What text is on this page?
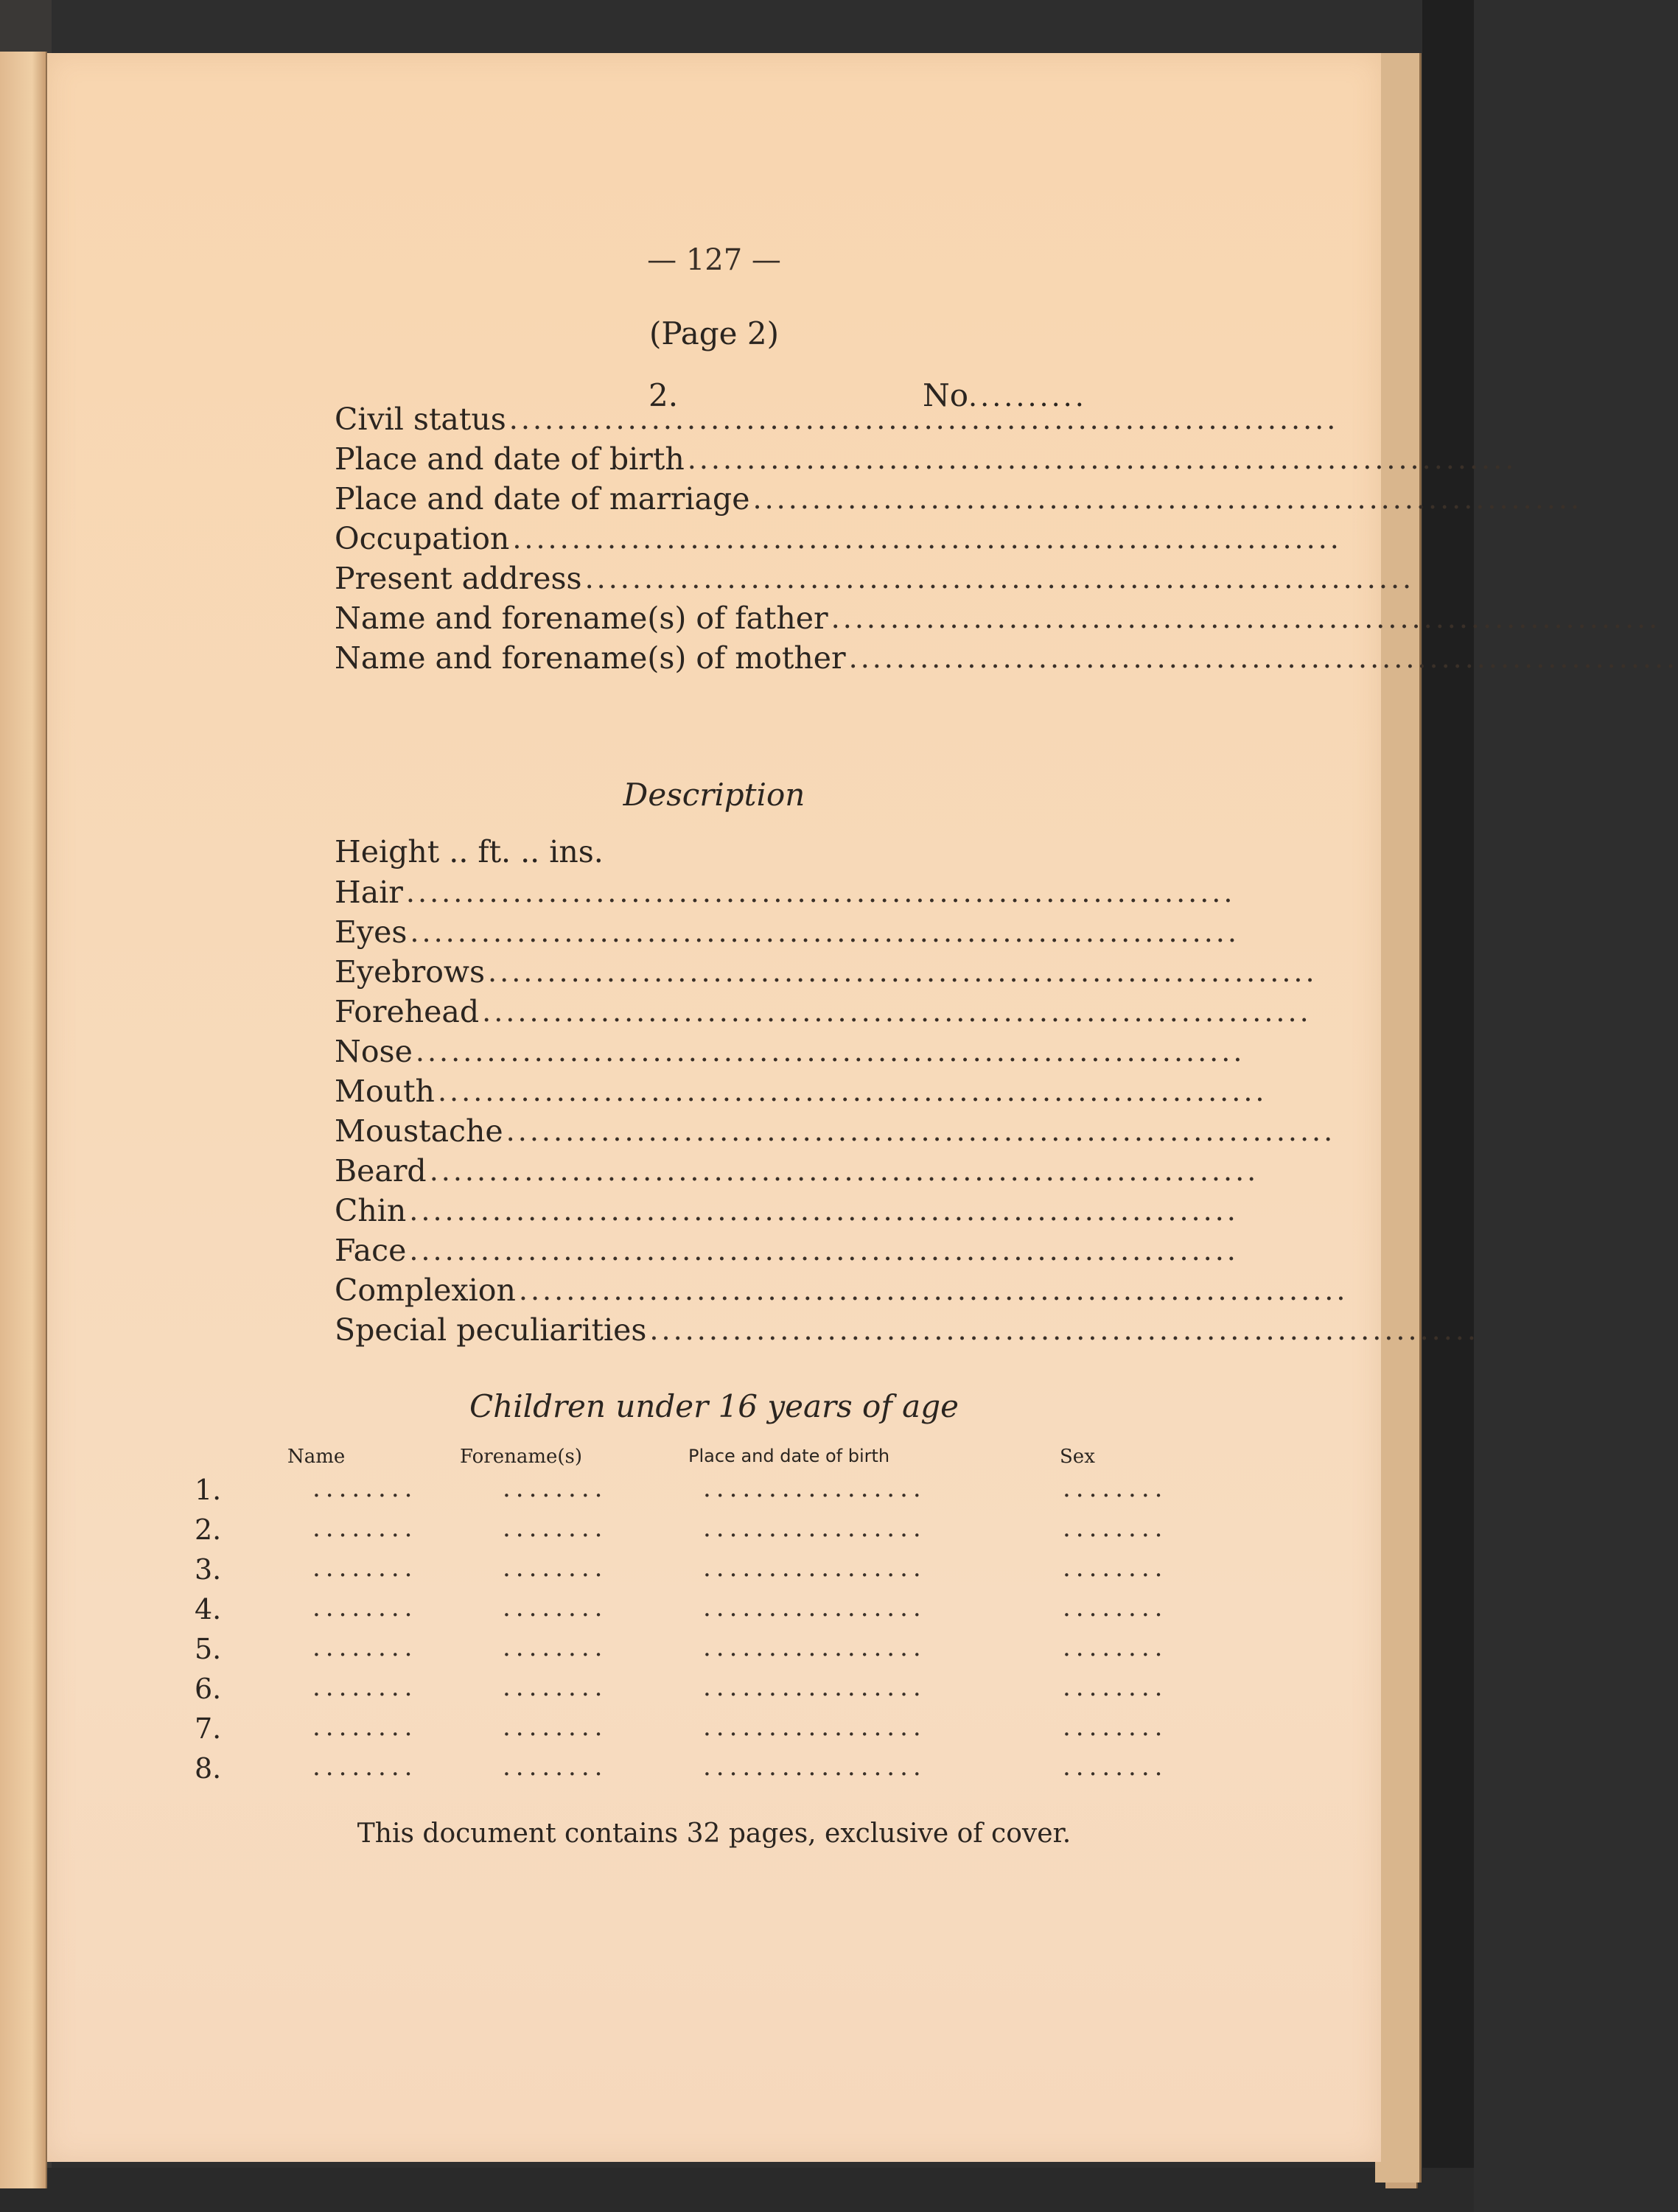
— 127 —
(Page 2)
2.	No..........
Civil status ......................................................................
Place and date of birth ......................................................................
Place and date of marriage ......................................................................
Occupation ......................................................................
Present address ......................................................................
Name and forename(s) of father ......................................................................
Name and forename(s) of mother ......................................................................
Description
Height .. ft. .. ins.
Hair ......................................................................
Eyes ......................................................................
Eyebrows ......................................................................
Forehead ......................................................................
Nose ......................................................................
Mouth ......................................................................
Moustache ......................................................................
Beard ......................................................................
Chin ......................................................................
Face ......................................................................
Complexion ......................................................................
Special peculiarities ......................................................................
Children under 16 years of age
Name	Forename(s)	Place and date of birth	Sex
1.	........	........	.................	........
2.	........	........	.................	........
3.	........	........	.................	........
4.	........	........	.................	........
5.	........	........	.................	........
6.	........	........	.................	........
7.	........	........	.................	........
8.	........	........	.................	........
This document contains 32 pages, exclusive of cover.
